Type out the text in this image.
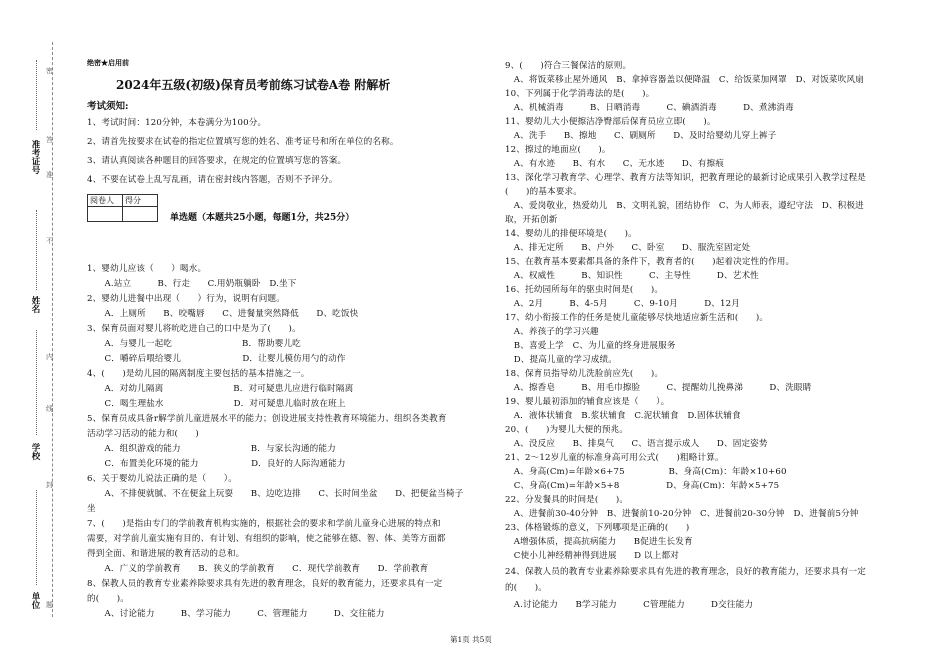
准考证号
姓名
学校
单位
密
封
线
内
不
准
答
题
绝密★启用前
2024年五级(初级)保育员考前练习试卷A卷 附解析
考试须知:
1、考试时间：120分钟，本卷满分为100分。
2、请首先按要求在试卷的指定位置填写您的姓名、准考证号和所在单位的名称。
3、请认真阅读各种题目的回答要求，在规定的位置填写您的答案。
4、不要在试卷上乱写乱画，请在密封线内答题，否则不予评分。
阅卷人	得分

单选题（本题共25小题，每题1分，共25分）
1、婴幼儿应该（　　）喝水。
　　A.站立　　　B、行走　　C.用奶瓶躺卧　D.坐下
2、婴幼儿进餐中出现（　　）行为，说明有问题。
　　A．上厕所　　B、咬嘴唇　　C、进餐量突然降低　　D、吃饭快
3、保育员面对婴儿将吮吃进自己的口中是为了(　　)。
　　A．与婴儿一起吃　　　　　　　　B．帮助婴儿吃
　　C．嚼碎后喂给婴儿　　　　　　　D．让婴儿模仿用勺的动作
4、(　　)是幼儿园的隔离制度主要包括的基本措施之一。
　　A．对幼儿隔离　　　　　　　　B．对可疑患儿应进行临时隔离
　　C．喝生理盐水　　　　　　　　D．对可疑患儿临时放在班上
5、保育员成具备r解学前儿童进展水平的能力；创设进展支持性教育环境能力、组织各类教育
活动学习活动的能力和(　　)
　　A．组织游戏的能力　　　　　　　　B．与家长沟通的能力
　　C．布置美化环境的能力　　　　　　D．良好的人际沟通能力
6、关于婴幼儿说法正确的是（　　）。
　　A、不排便就腻、不在便盆上玩耍　　B、边吃边排　　C、长时间坐盆　　D、把便盆当椅子
坐
7、(　　)是指由专门的学前教育机构实施的，根据社会的要求和学前儿童身心进展的特点和
需要，对学前儿童实施有目的、有计划、有组织的影响，使之能够在德、智、体、美等方面都
得到全面、和谐进展的教育活动的总和。
　　A．广义的学前教育　　B．狭义的学前教育　　C．现代学前教育　　D．学前教育
8、保教人员的教育专业素养除要求具有先进的教育理念，良好的教育能力，还要求具有一定
的(　　)。
　　A、讨论能力　　　B、学习能力　　　C、管理能力　　　D、交往能力
9、(　　)符合三餐保洁的原则。
　A、将饭菜移止屋外通风　B、拿掉容器盖以便降温　C、给饭菜加网罩　D、对饭菜吹风扇
10、下列属于化学消毒法的是(　　)。
　A、机械消毒　　　B、日晒消毒　　　C、碘酒消毒　　　D、煮沸消毒
11、婴幼儿大小便擦洁净臀部后保育员应立即(　　)。
　A、洗手　　B、擦地　　C、刷厕所　　D、及时给婴幼儿穿上裤子
12、擦过的地面应(　　)。
　A、有水迹　　B、有水　　C、无水迹　　D、有擦痕
13、深化学习教育学、心理学、教育方法等知识，把教育理论的最新讨论成果引入教学过程是
(　　)的基本要求。
　A、爱岗敬业，热爱幼儿　B、文明礼貌，团结协作　C、为人师表，遵纪守法　D、积极进
取，开拓创新
14、婴幼儿的排便环境是(　　)。
　A、排无定所　　B、户外　　C、卧室　　D、服洗室固定处
15、在教育基本要素都具备的条件下，教育者的(　　)起着决定性的作用。
　A、权威性　　　B、知识性　　　C、主导性　　　D、艺术性
16、托幼园所每年的驱虫时间是(　　)。
　A、2月　　　B、4-5月　　　C、9-10月　　　D、12月
17、幼小衔接工作的任务是使儿童能够尽快地适应新生活和(　　)。
　A、养孩子的学习兴趣
　B、喜爱上学　C、为儿童的终身进展服务
　D、提高儿童的学习成绩。
18、保育员指导幼儿洗脸前应先(　　)。
　A、擦香皂　　　B、用毛巾擦脸　　　C、提醒幼儿挽鼻涕　　　D、洗眼睛
19、婴儿最初添加的辅食应该是（　　）。
　A．液体状辅食　B.浆状辅食　C.泥状辅食　D.固体状辅食
20、(　　)为婴儿大便的预兆。
　A、没反应　　B、排臭气　　C、语言提示成人　　D、固定姿势
21、2～12岁儿童的标准身高可用公式(　　)粗略计算。
　A、身高(Cm)=年龄×6+75　　　　　B、身高(Cm)：年龄×10+60
　C、身高(Cm)=年龄×5+8　　　　　 D、身高(Cm)：年龄×5+75
22、分发餐具的时间是(　　)。
　A、进餐前30-40分钟　B、进餐前10-20分钟　C、进餐前20-30分钟　D、进餐前5分钟
23、体格锻炼的意义，下列哪项是正确的(　　)
　A增强体质，提高抗病能力　　B促进生长发育
　C使小儿神经精神得到进展　　D 以上都对
24、保教人员的教育专业素养除要求具有先进的教育理念，良好的教育能力，还要求具有一定
的(　　)。
　A.讨论能力　　B学习能力　　　C管理能力　　　D交往能力
第1页 共5页
